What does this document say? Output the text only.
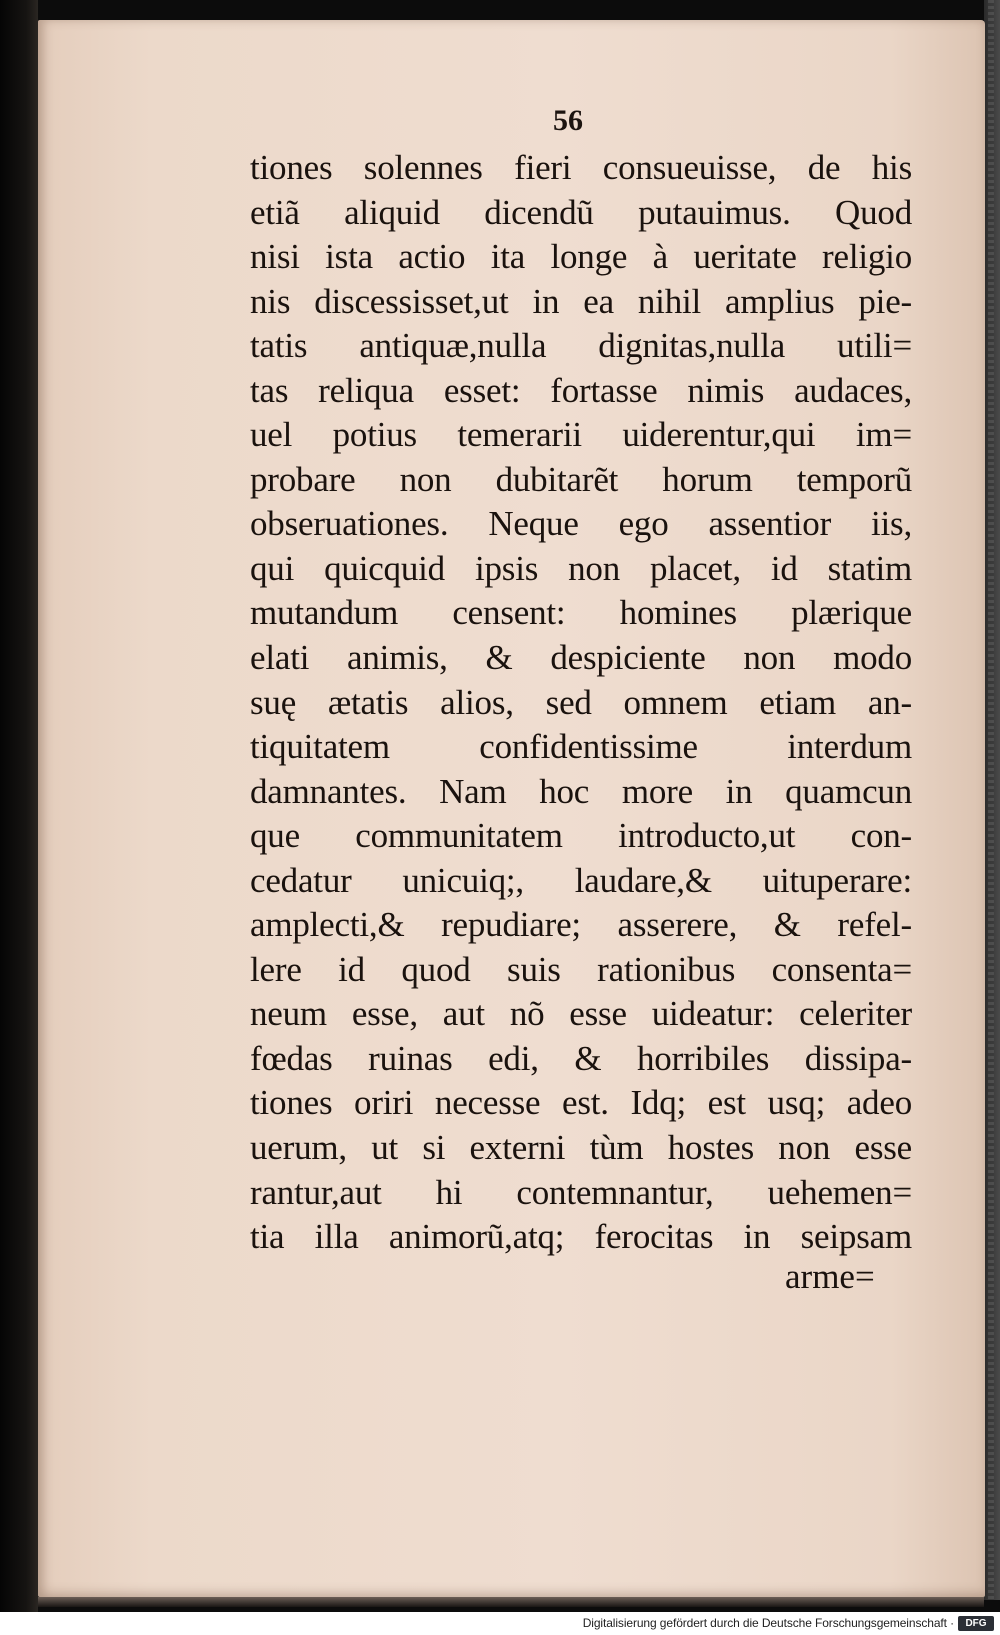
56
tiones solennes fieri consueuisse, de his
etiã aliquid dicendũ putauimus. Quod
nisi ista actio ita longe à ueritate religio
nis discessisset,ut in ea nihil amplius pie-
tatis antiquæ,nulla dignitas,nulla utili=
tas reliqua esset: fortasse nimis audaces,
uel potius temerarii uiderentur,qui im=
probare non dubitarẽt horum temporũ
obseruationes. Neque ego assentior iis,
qui quicquid ipsis non placet, id statim
mutandum censent: homines plærique
elati animis, & despiciente non modo
suę ætatis alios, sed omnem etiam an-
tiquitatem confidentissime interdum
damnantes. Nam hoc more in quamcun
que communitatem introducto,ut con-
cedatur unicuiq;, laudare,& uituperare:
amplecti,& repudiare; asserere, & refel-
lere id quod suis rationibus consenta=
neum esse, aut nõ esse uideatur: celeriter
fœdas ruinas edi, & horribiles dissipa-
tiones oriri necesse est. Idq; est usq; adeo
uerum, ut si externi tùm hostes non esse
rantur,aut hi contemnantur, uehemen=
tia illa animorũ,atq; ferocitas in seipsam
arme=
Digitalisierung gefördert durch die Deutsche Forschungsgemeinschaft ·	DFG
